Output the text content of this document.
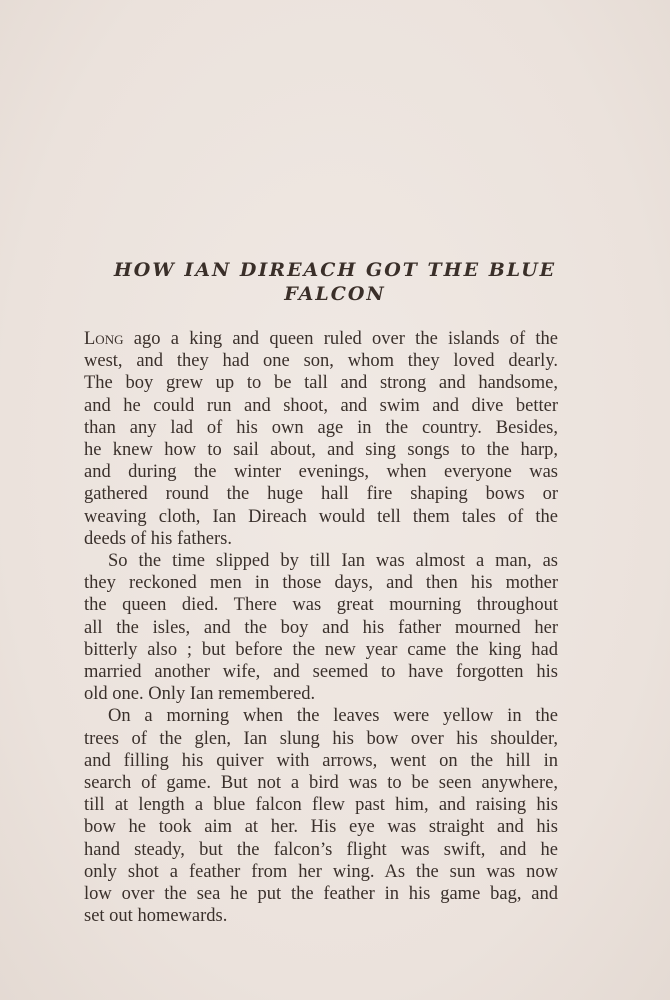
HOW IAN DIREACH GOT THE BLUE
FALCON

Long ago a king and queen ruled over the islands of the
west, and they had one son, whom they loved dearly.
The boy grew up to be tall and strong and handsome,
and he could run and shoot, and swim and dive better
than any lad of his own age in the country. Besides,
he knew how to sail about, and sing songs to the harp,
and during the winter evenings, when everyone was
gathered round the huge hall fire shaping bows or
weaving cloth, Ian Direach would tell them tales of the
deeds of his fathers.

So the time slipped by till Ian was almost a man, as
they reckoned men in those days, and then his mother
the queen died. There was great mourning throughout
all the isles, and the boy and his father mourned her
bitterly also ; but before the new year came the king had
married another wife, and seemed to have forgotten his
old one. Only Ian remembered.

On a morning when the leaves were yellow in the
trees of the glen, Ian slung his bow over his shoulder,
and filling his quiver with arrows, went on the hill in
search of game. But not a bird was to be seen anywhere,
till at length a blue falcon flew past him, and raising his
bow he took aim at her. His eye was straight and his
hand steady, but the falcon’s flight was swift, and he
only shot a feather from her wing. As the sun was now
low over the sea he put the feather in his game bag, and
set out homewards.
